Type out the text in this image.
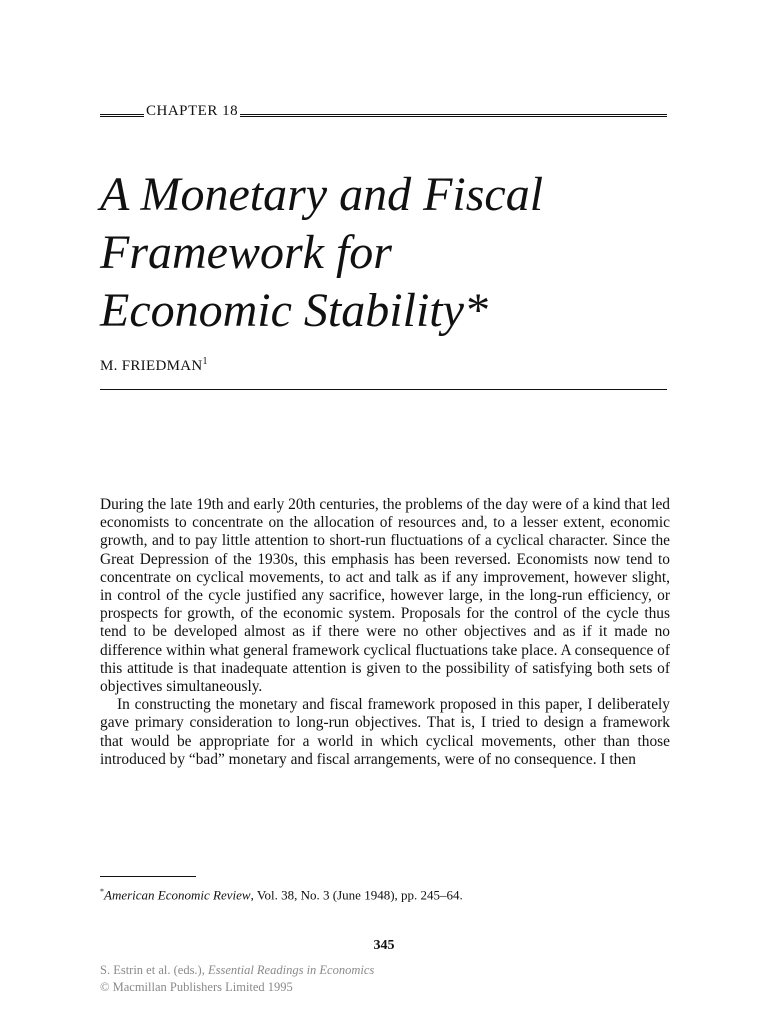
CHAPTER 18
A Monetary and Fiscal
Framework for
Economic Stability*
M. FRIEDMAN$^1$

During the late 19th and early 20th centuries, the problems of the day were of a kind that led economists to concentrate on the allocation of resources and, to a lesser extent, economic growth, and to pay little attention to short-run fluctuations of a cyclical character. Since the Great Depression of the 1930s, this emphasis has been reversed. Economists now tend to concentrate on cyclical movements, to act and talk as if any improvement, however slight, in control of the cycle justified any sacrifice, however large, in the long-run efficiency, or prospects for growth, of the economic system. Proposals for the control of the cycle thus tend to be developed almost as if there were no other objectives and as if it made no difference within what general framework cyclical fluctuations take place. A consequence of this attitude is that inadequate attention is given to the possibility of satisfying both sets of objectives simultaneously.

In constructing the monetary and fiscal framework proposed in this paper, I deliberately gave primary consideration to long-run objectives. That is, I tried to design a framework that would be appropriate for a world in which cyclical movements, other than those introduced by “bad” monetary and fiscal arrangements, were of no consequence. I then

*American Economic Review, Vol. 38, No. 3 (June 1948), pp. 245–64.
345
S. Estrin et al. (eds.), Essential Readings in Economics
© Macmillan Publishers Limited 1995
